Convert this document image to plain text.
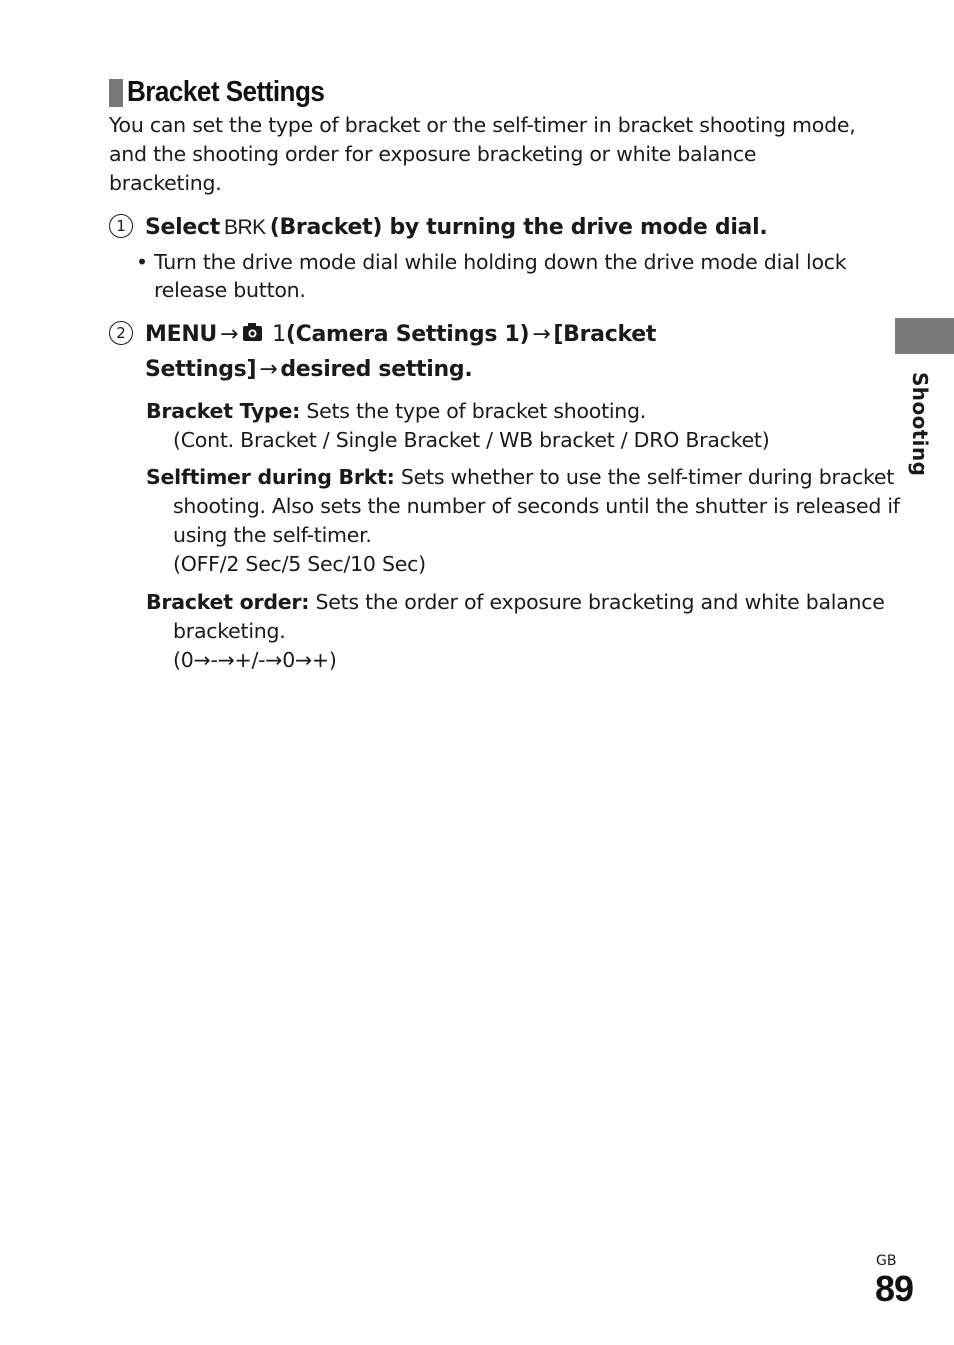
Bracket Settings
You can set the type of bracket or the self-timer in bracket shooting mode, and the shooting order for exposure bracketing or white balance bracketing.
1 Select BRK (Bracket) by turning the drive mode dial.
• Turn the drive mode dial while holding down the drive mode dial lock release button.
2 MENU → 1(Camera Settings 1) → [Bracket Settings] → desired setting.
Bracket Type: Sets the type of bracket shooting.
(Cont. Bracket / Single Bracket / WB bracket / DRO Bracket)
Selftimer during Brkt: Sets whether to use the self-timer during bracket shooting. Also sets the number of seconds until the shutter is released if using the self-timer.
(OFF/2 Sec/5 Sec/10 Sec)
Bracket order: Sets the order of exposure bracketing and white balance bracketing.
(0→-→+/-→0→+)
Shooting
GB
89
